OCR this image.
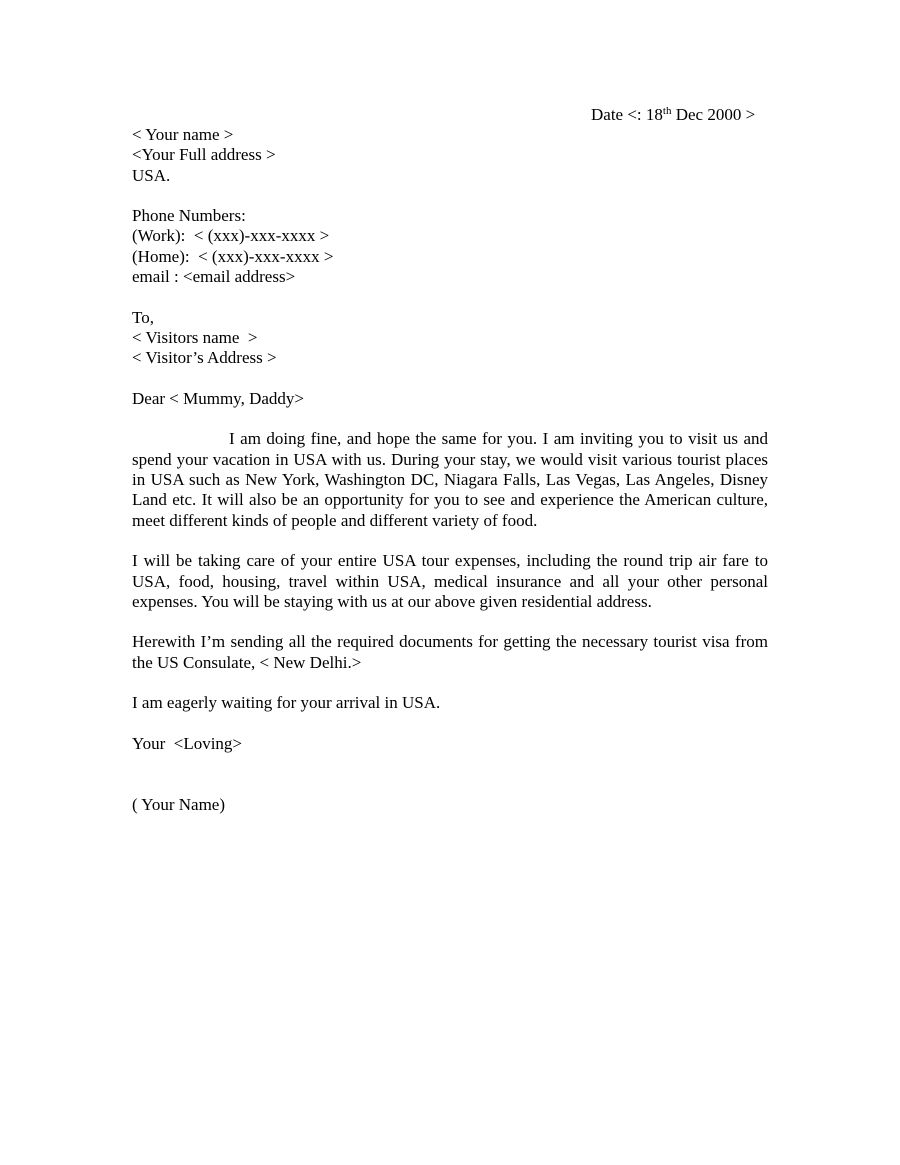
Date <: 18th Dec 2000 >
< Your name >
<Your Full address >
USA.
Phone Numbers:
(Work):  < (xxx)-xxx-xxxx >
(Home):  < (xxx)-xxx-xxxx >
email : <email address>
To,
< Visitors name  >
< Visitor’s Address >
Dear < Mummy, Daddy>

I am doing fine, and hope the same for you. I am inviting you to visit us and spend your vacation in USA with us. During your stay, we would visit various tourist places in USA such as New York, Washington DC, Niagara Falls, Las Vegas, Las Angeles, Disney Land etc. It will also be an opportunity for you to see and experience the American culture, meet different kinds of people and different variety of food.

I will be taking care of your entire USA tour expenses, including the round trip air fare to USA, food, housing, travel within USA, medical insurance and all your other personal expenses. You will be staying with us at our above given residential address.

Herewith I’m sending all the required documents for getting the necessary tourist visa from the US Consulate, < New Delhi.>

I am eagerly waiting for your arrival in USA.

Your  <Loving>
( Your Name)
